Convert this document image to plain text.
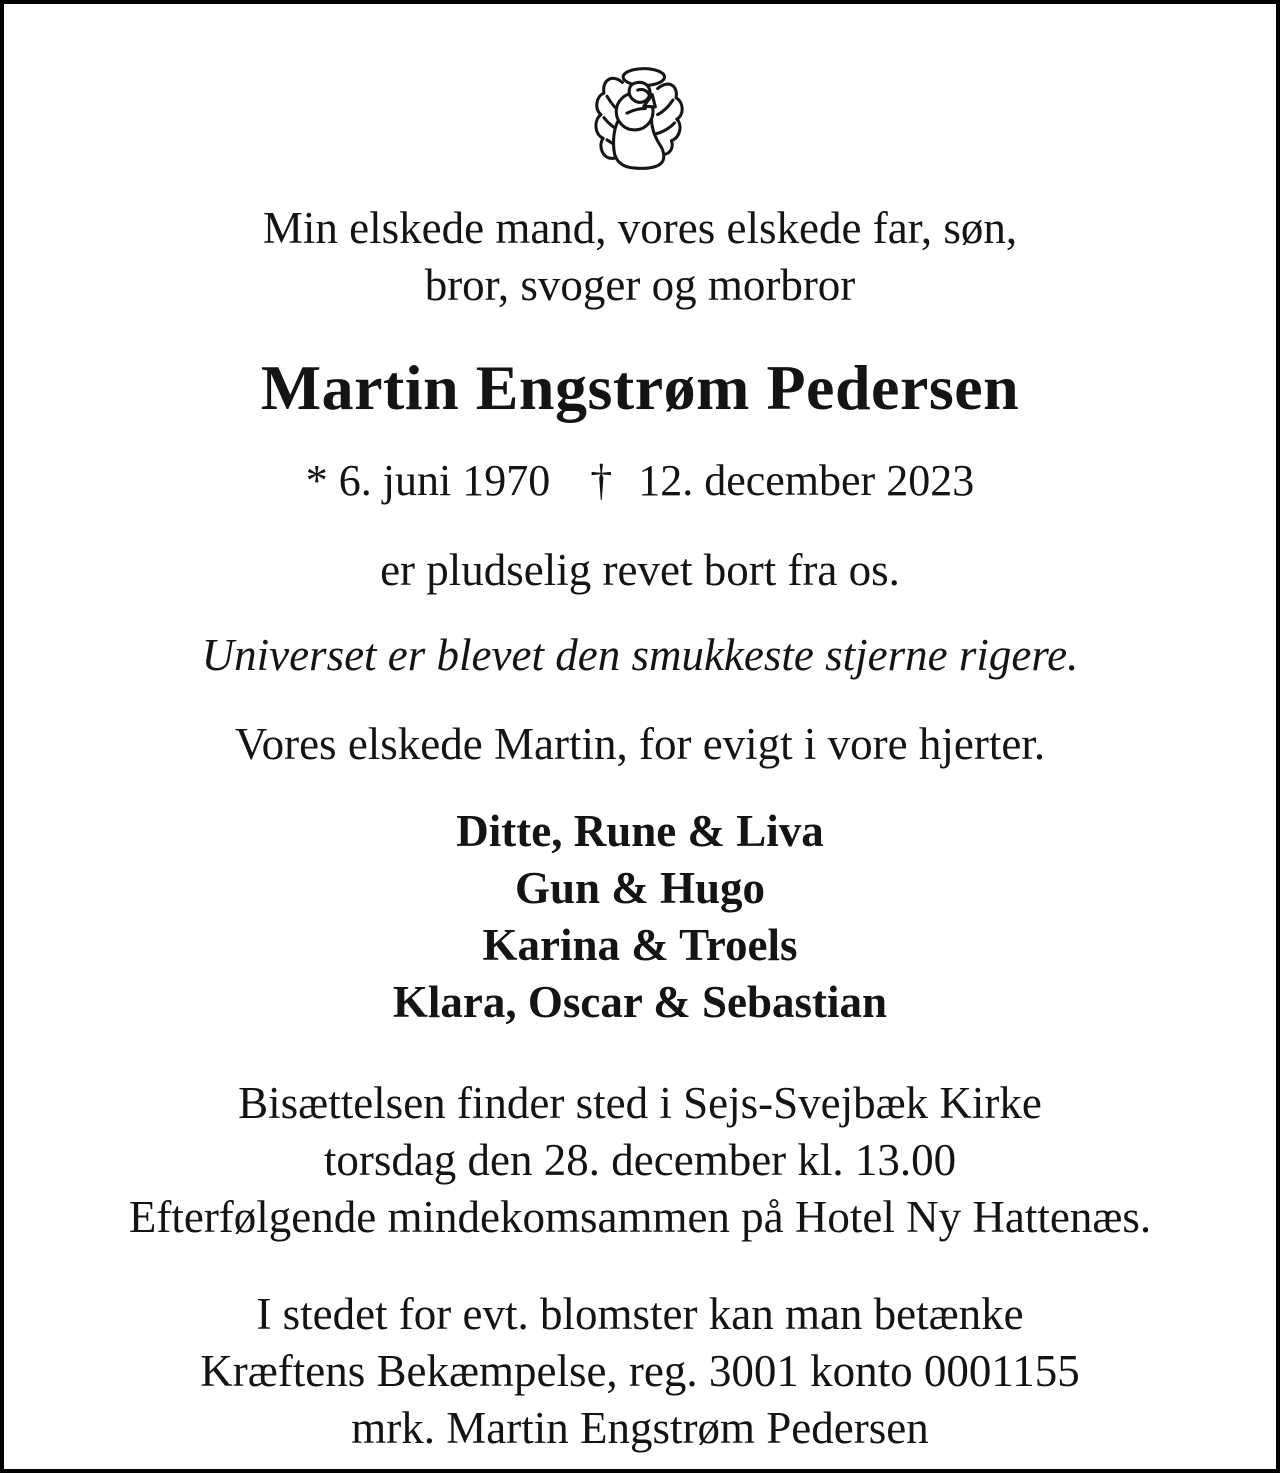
Min elskede mand, vores elskede far, søn,
bror, svoger og morbror

Martin Engstrøm Pedersen

* 6. juni 1970 † 12. december 2023

er pludselig revet bort fra os.

Universet er blevet den smukkeste stjerne rigere.

Vores elskede Martin, for evigt i vore hjerter.

Ditte, Rune & Liva
Gun & Hugo
Karina & Troels
Klara, Oscar & Sebastian
Bisættelsen finder sted i Sejs-Svejbæk Kirke
torsdag den 28. december kl. 13.00
Efterfølgende mindekomsammen på Hotel Ny Hattenæs.
I stedet for evt. blomster kan man betænke
Kræftens Bekæmpelse, reg. 3001 konto 0001155
mrk. Martin Engstrøm Pedersen
